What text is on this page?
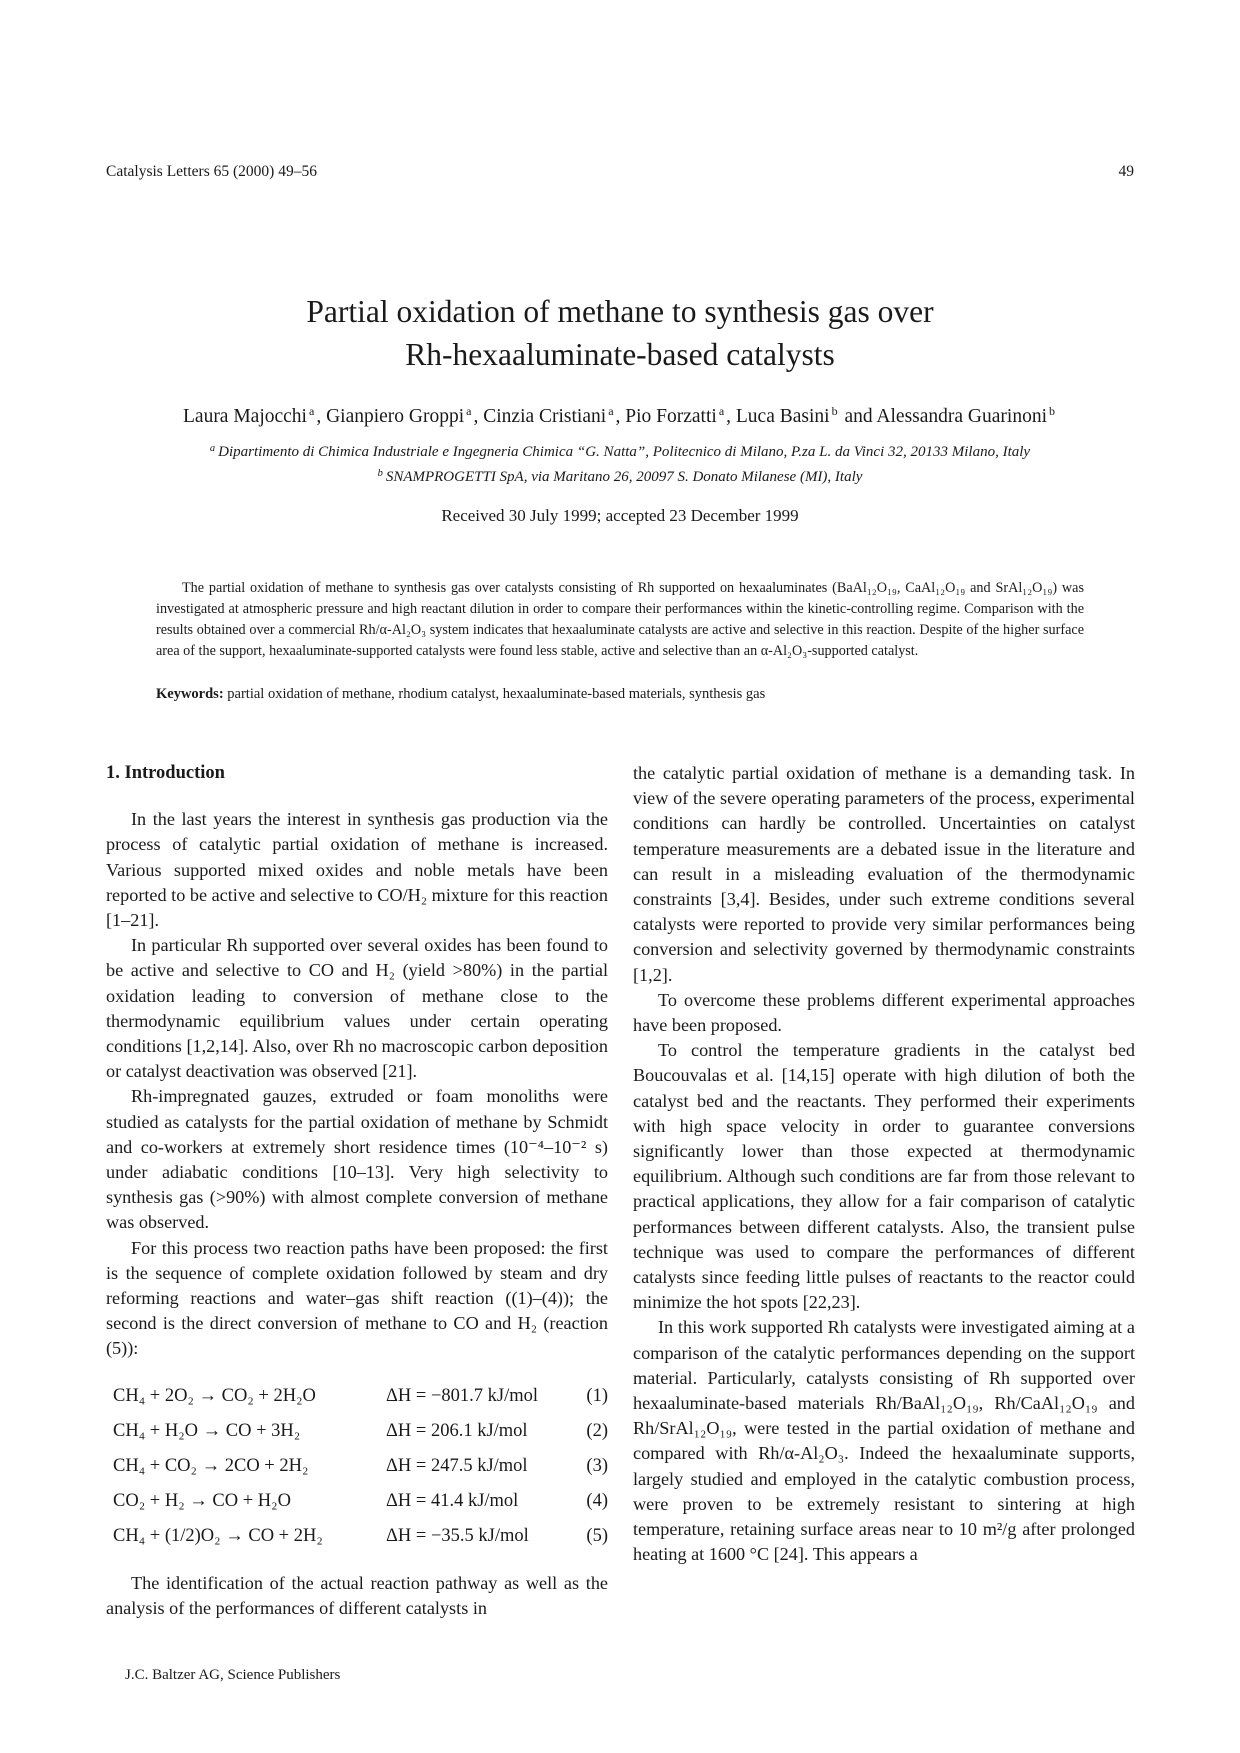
Catalysis Letters 65 (2000) 49–56	49
Partial oxidation of methane to synthesis gas over
Rh-hexaaluminate-based catalysts
Laura Majocchi $^a$ , Gianpiero Groppi $^a$ , Cinzia Cristiani $^a$ , Pio Forzatti $^a$ , Luca Basini $^b$ and Alessandra Guarinoni $^b$
$^a$ Dipartimento di Chimica Industriale e Ingegneria Chimica “G. Natta”, Politecnico di Milano, P.za L. da Vinci 32, 20133 Milano, Italy
$^b$ SNAMPROGETTI SpA, via Maritano 26, 20097 S. Donato Milanese (MI), Italy
Received 30 July 1999; accepted 23 December 1999
The partial oxidation of methane to synthesis gas over catalysts consisting of Rh supported on hexaaluminates (BaAl₁₂O₁₉, CaAl₁₂O₁₉ and SrAl₁₂O₁₉) was investigated at atmospheric pressure and high reactant dilution in order to compare their performances within the kinetic-controlling regime. Comparison with the results obtained over a commercial Rh/α-Al₂O₃ system indicates that hexaaluminate catalysts are active and selective in this reaction. Despite of the higher surface area of the support, hexaaluminate-supported catalysts were found less stable, active and selective than an α-Al₂O₃-supported catalyst.
Keywords: partial oxidation of methane, rhodium catalyst, hexaaluminate-based materials, synthesis gas
1. Introduction

In the last years the interest in synthesis gas production via the process of catalytic partial oxidation of methane is increased. Various supported mixed oxides and noble metals have been reported to be active and selective to CO/H₂ mixture for this reaction [1–21].

In particular Rh supported over several oxides has been found to be active and selective to CO and H₂ (yield >80%) in the partial oxidation leading to conversion of methane close to the thermodynamic equilibrium values under certain operating conditions [1,2,14]. Also, over Rh no macroscopic carbon deposition or catalyst deactivation was observed [21].

Rh-impregnated gauzes, extruded or foam monoliths were studied as catalysts for the partial oxidation of methane by Schmidt and co-workers at extremely short residence times (10⁻⁴–10⁻² s) under adiabatic conditions [10–13]. Very high selectivity to synthesis gas (>90%) with almost complete conversion of methane was observed.

For this process two reaction paths have been proposed: the first is the sequence of complete oxidation followed by steam and dry reforming reactions and water–gas shift reaction ((1)–(4)); the second is the direct conversion of methane to CO and H₂ (reaction (5)):

CH₄ + 2O₂ → CO₂ + 2H₂O	ΔH = −801.7 kJ/mol	(1)
CH₄ + H₂O → CO + 3H₂	ΔH = 206.1 kJ/mol	(2)
CH₄ + CO₂ → 2CO + 2H₂	ΔH = 247.5 kJ/mol	(3)
CO₂ + H₂ → CO + H₂O	ΔH = 41.4 kJ/mol	(4)
CH₄ + (1/2)O₂ → CO + 2H₂	ΔH = −35.5 kJ/mol	(5)

The identification of the actual reaction pathway as well as the analysis of the performances of different catalysts in

the catalytic partial oxidation of methane is a demanding task. In view of the severe operating parameters of the process, experimental conditions can hardly be controlled. Uncertainties on catalyst temperature measurements are a debated issue in the literature and can result in a misleading evaluation of the thermodynamic constraints [3,4]. Besides, under such extreme conditions several catalysts were reported to provide very similar performances being conversion and selectivity governed by thermodynamic constraints [1,2].

To overcome these problems different experimental approaches have been proposed.

To control the temperature gradients in the catalyst bed Boucouvalas et al. [14,15] operate with high dilution of both the catalyst bed and the reactants. They performed their experiments with high space velocity in order to guarantee conversions significantly lower than those expected at thermodynamic equilibrium. Although such conditions are far from those relevant to practical applications, they allow for a fair comparison of catalytic performances between different catalysts. Also, the transient pulse technique was used to compare the performances of different catalysts since feeding little pulses of reactants to the reactor could minimize the hot spots [22,23].

In this work supported Rh catalysts were investigated aiming at a comparison of the catalytic performances depending on the support material. Particularly, catalysts consisting of Rh supported over hexaaluminate-based materials Rh/BaAl₁₂O₁₉, Rh/CaAl₁₂O₁₉ and Rh/SrAl₁₂O₁₉, were tested in the partial oxidation of methane and compared with Rh/α-Al₂O₃. Indeed the hexaaluminate supports, largely studied and employed in the catalytic combustion process, were proven to be extremely resistant to sintering at high temperature, retaining surface areas near to 10 m²/g after prolonged heating at 1600 °C [24]. This appears a

J.C. Baltzer AG, Science Publishers
